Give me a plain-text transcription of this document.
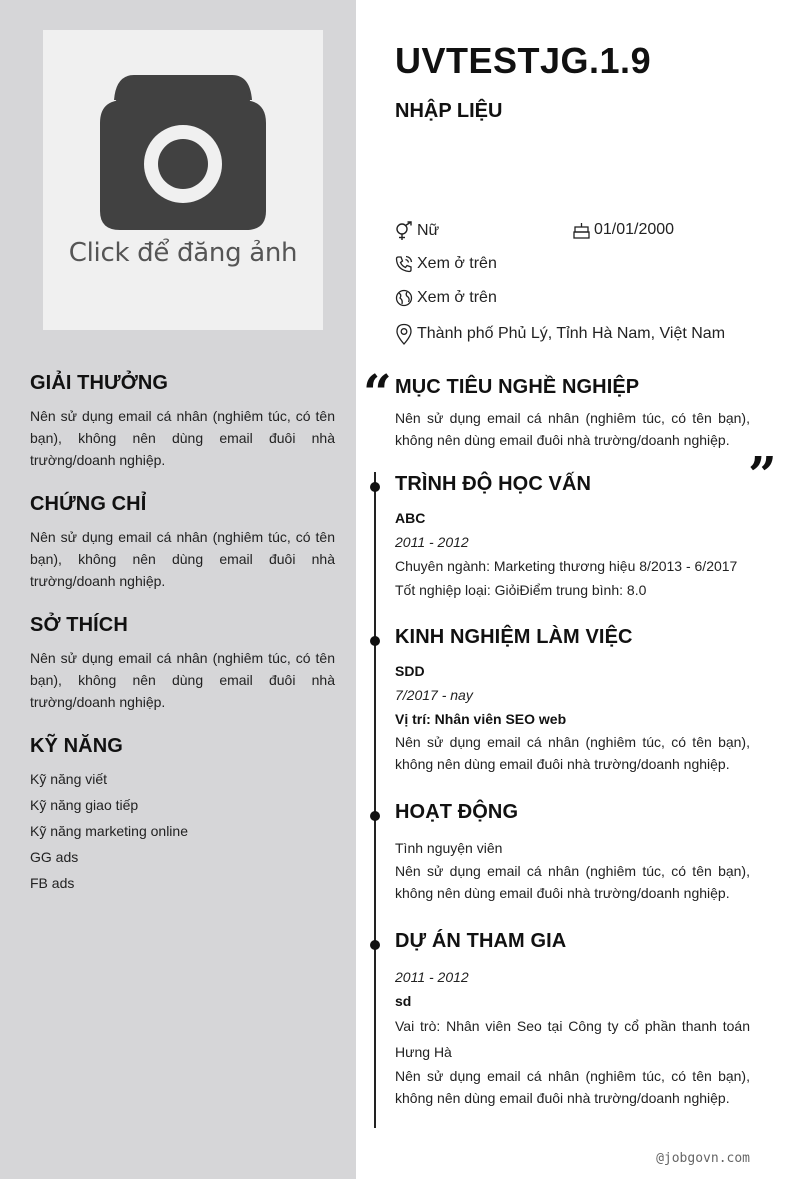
Click để đăng ảnh
GIẢI THƯỞNG
Nên sử dụng email cá nhân (nghiêm túc, có tên bạn), không nên dùng email đuôi nhà trường/doanh nghiệp.
CHỨNG CHỈ
Nên sử dụng email cá nhân (nghiêm túc, có tên bạn), không nên dùng email đuôi nhà trường/doanh nghiệp.
SỞ THÍCH
Nên sử dụng email cá nhân (nghiêm túc, có tên bạn), không nên dùng email đuôi nhà trường/doanh nghiệp.
KỸ NĂNG
Kỹ năng viết
Kỹ năng giao tiếp
Kỹ năng marketing online
GG ads
FB ads
UVTESTJG.1.9
NHẬP LIỆU
Nữ	01/01/2000
Xem ở trên
Xem ở trên
Thành phố Phủ Lý, Tỉnh Hà Nam, Việt Nam
“ MỤC TIÊU NGHỀ NGHIỆP
Nên sử dụng email cá nhân (nghiêm túc, có tên bạn), không nên dùng email đuôi nhà trường/doanh nghiệp.
”
TRÌNH ĐỘ HỌC VẤN
ABC
2011 - 2012
Chuyên ngành: Marketing thương hiệu 8/2013 - 6/2017
Tốt nghiệp loại: GiỏiĐiểm trung bình: 8.0
KINH NGHIỆM LÀM VIỆC
SDD
7/2017 - nay
Vị trí: Nhân viên SEO web
Nên sử dụng email cá nhân (nghiêm túc, có tên bạn), không nên dùng email đuôi nhà trường/doanh nghiệp.
HOẠT ĐỘNG
Tình nguyện viên
Nên sử dụng email cá nhân (nghiêm túc, có tên bạn), không nên dùng email đuôi nhà trường/doanh nghiệp.
DỰ ÁN THAM GIA
2011 - 2012
sd
Vai trò: Nhân viên Seo tại Công ty cổ phần thanh toán Hưng Hà
Nên sử dụng email cá nhân (nghiêm túc, có tên bạn), không nên dùng email đuôi nhà trường/doanh nghiệp.
@jobgovn.com
